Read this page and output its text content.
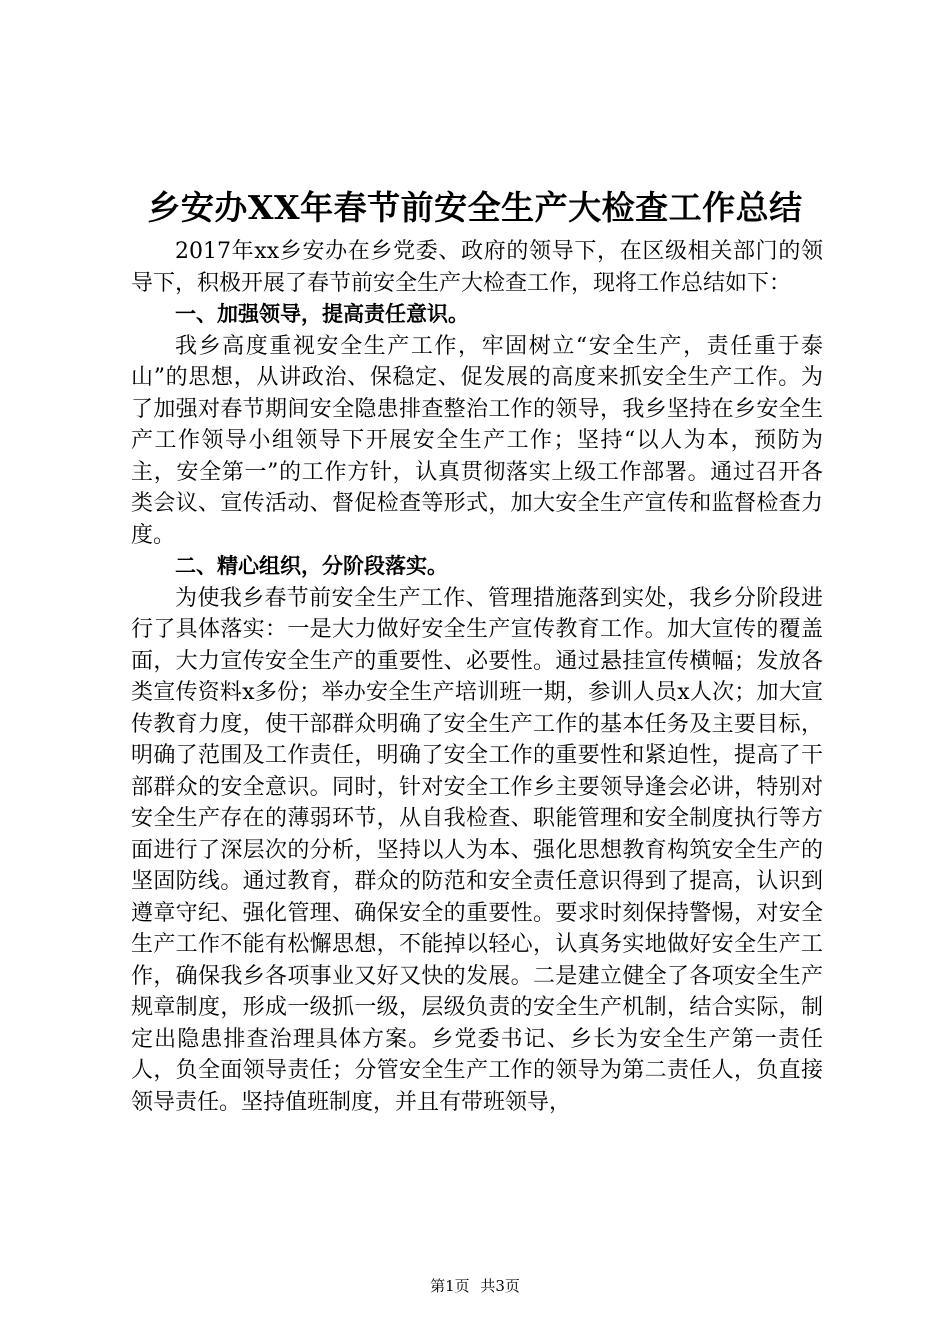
乡安办XX年春节前安全生产大检查工作总结

2017年xx乡安办在乡党委、政府的领导下，在区级相关部门的领导下，积极开展了春节前安全生产大检查工作，现将工作总结如下：

一、加强领导，提高责任意识。

我乡高度重视安全生产工作，牢固树立“安全生产，责任重于泰山”的思想，从讲政治、保稳定、促发展的高度来抓安全生产工作。为了加强对春节期间安全隐患排查整治工作的领导，我乡坚持在乡安全生产工作领导小组领导下开展安全生产工作；坚持“以人为本，预防为主，安全第一”的工作方针，认真贯彻落实上级工作部署。通过召开各类会议、宣传活动、督促检查等形式，加大安全生产宣传和监督检查力度。

二、精心组织，分阶段落实。

为使我乡春节前安全生产工作、管理措施落到实处，我乡分阶段进行了具体落实：一是大力做好安全生产宣传教育工作。加大宣传的覆盖面，大力宣传安全生产的重要性、必要性。通过悬挂宣传横幅；发放各类宣传资料x多份；举办安全生产培训班一期，参训人员x人次；加大宣传教育力度，使干部群众明确了安全生产工作的基本任务及主要目标，明确了范围及工作责任，明确了安全工作的重要性和紧迫性，提高了干部群众的安全意识。同时，针对安全工作乡主要领导逢会必讲，特别对安全生产存在的薄弱环节，从自我检查、职能管理和安全制度执行等方面进行了深层次的分析，坚持以人为本、强化思想教育构筑安全生产的坚固防线。通过教育，群众的防范和安全责任意识得到了提高，认识到遵章守纪、强化管理、确保安全的重要性。要求时刻保持警惕，对安全生产工作不能有松懈思想，不能掉以轻心，认真务实地做好安全生产工作，确保我乡各项事业又好又快的发展。二是建立健全了各项安全生产规章制度，形成一级抓一级，层级负责的安全生产机制，结合实际，制定出隐患排查治理具体方案。乡党委书记、乡长为安全生产第一责任人，负全面领导责任；分管安全生产工作的领导为第二责任人，负直接领导责任。坚持值班制度，并且有带班领导，

第1页 共3页
